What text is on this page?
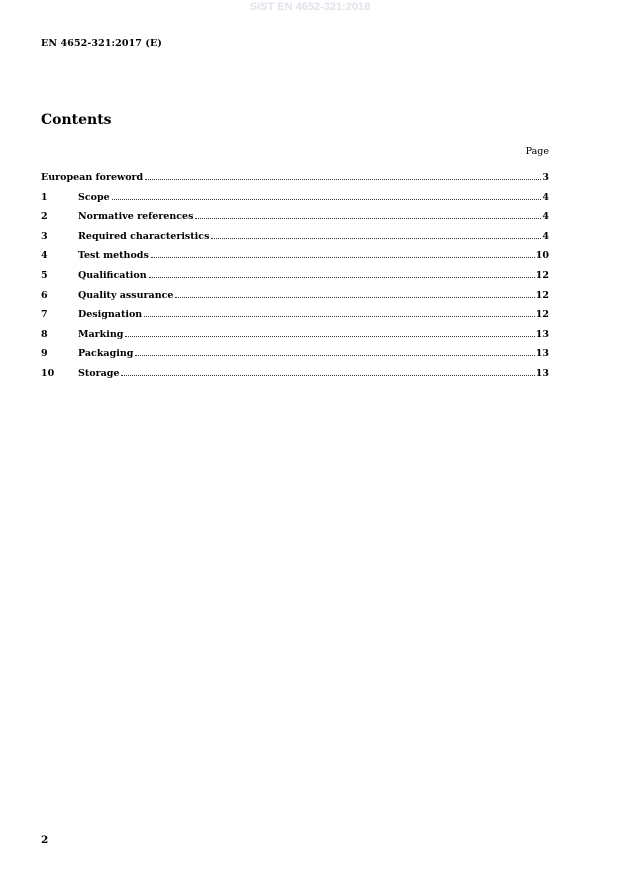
SIST EN 4652-321:2018
EN 4652-321:2017 (E)
Contents
Page
European foreword	3
1	Scope	4
2	Normative references	4
3	Required characteristics	4
4	Test methods	10
5	Qualification	12
6	Quality assurance	12
7	Designation	12
8	Marking	13
9	Packaging	13
10	Storage	13
2
